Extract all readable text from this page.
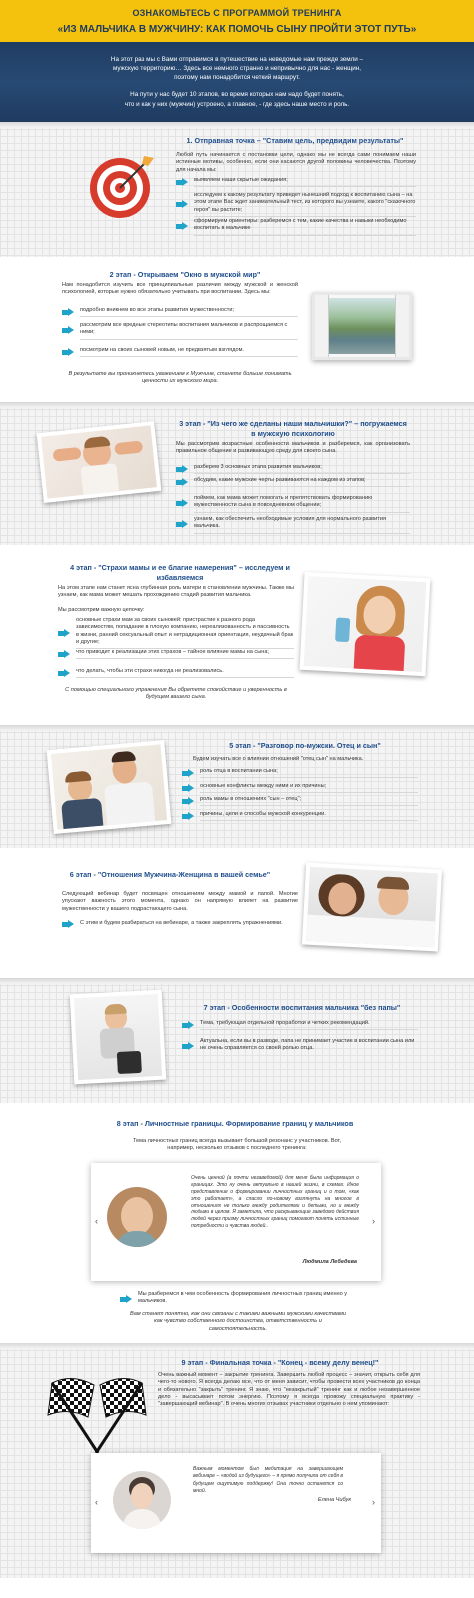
ОЗНАКОМЬТЕСЬ С ПРОГРАММОЙ ТРЕНИНГА
«ИЗ МАЛЬЧИКА В МУЖЧИНУ: КАК ПОМОЧЬ СЫНУ ПРОЙТИ ЭТОТ ПУТЬ»

На этот раз мы с Вами отправимся в путешествие на неведомые нам прежде земли –
мужскую территорию… Здесь все немного странно и непривычно для нас - женщин,
поэтому нам понадобится четкий маршрут.

На пути у нас будет 10 этапов, во время которых нам надо будет понять,
что и как у них (мужчин) устроено, а главное, - где здесь наше место и роль.

1. Отправная точка – "Ставим цель, предвидим результаты"
Любой путь начинается с постановки цели, однако мы не всегда сами понимаем наши истинные мотивы, особенно, если они касаются другой половины человечества. Поэтому для начала мы:
выявляем наши скрытые ожидания;
исследуем к какому результату приведет нынешний подход к воспитанию сына – на этом этапе Вас ждет занимательный тест, из которого вы узнаете, какого "сказочного героя" вы растите;
сформируем ориентиры: разберемся с тем, какие качества и навыки необходимо воспитать в мальчике
2 этап - Открываем "Окно в мужской мир"
Нам понадобится изучить все принципиальные различия между мужской и женской психологией, которые нужно обязательно учитывать при воспитании. Здесь мы:
подробно вникнем во все этапы развития мужественности;
рассмотрим все вредные стереотипы воспитания мальчиков и распрощаемся с ними;
посмотрим на своих сыновей новым, не предвзятым взглядом.
В результате вы проникнетесь уважением к Мужчине, станете больше понимать ценности их мужского мира.
3 этап - "Из чего же сделаны наши мальчишки?" – погружаемся в мужскую психологию
Мы рассмотрим возрастные особенности мальчиков и разберемся, как организовать правильное общение и развивающую среду для своего сына.
разберем 3 основных этапа развития мальчиков;
обсудим, какие мужские черты развиваются на каждом из этапов;
поймем, как мама может помогать и препятствовать формированию мужественности сына в повседневном общении;
узнаем, как обеспечить необходимые условия для нормального развития мальчика.
4 этап - "Страхи мамы и ее благие намерения" – исследуем и избавляемся
На этом этапе нам станет ясна глубинная роль матери в становлении мужчины. Также мы узнаем, как мама может мешать прохождению стадий развития мальчика.
Мы рассмотрим важную цепочку:
основные страхи мам за своих сыновей: пристрастие к разного рода зависимостям, попадание в плохую компанию, нереализованность и пассивность в жизни, ранний сексуальный опыт и нетрадиционная ориентация, неудачный брак и другие;
что приводит к реализации этих страхов – тайное влияние мамы на сына;
что делать, чтобы эти страхи никогда не реализовались.
С помощью специального упражнения Вы обретете спокойствие и уверенность в будущем вашего сына.
5 этап - "Разговор по-мужски. Отец и сын"
Будем изучать все о влиянии отношений "отец сын" на мальчика.
роль отца в воспитании сына;
основные конфликты между ними и их причины;
роль мамы в отношениях "сын – отец";
причины, цели и способы мужской конкуренции.
6 этап - "Отношения Мужчина-Женщина в вашей семье"
Следующий вебинар будет посвящен отношениям между мамой и папой. Многие упускают важность этого момента, однако он напрямую влияет на развитие мужественности у вашего подрастающего сына.
С этим и будем разбираться на вебинаре, а также закреплять упражнениями.
7 этап - Особенности воспитания мальчика "без папы"
Тема, требующая отдельной проработки и четких рекомендаций.
Актуальна, если вы в разводе, папа не принимает участие в воспитании сына или не очень справляется со своей ролью отца.
8 этап - Личностные границы. Формирование границ у мальчиков
Тема личностных границ всегда вызывает большой резонанс у участников. Вот, например, несколько отзывов с последнего тренинга:
‹	›
Очень ценной (а почти незаведомой) для меня была информация о границах. Это ну очень актуально в нашей жизни, в схемах. Иное представление о формировании личностных границ и о том, «как это работает», а спасло по-новому взглянуть на многое в отношениях не только между родителями и детьми, но и между людьми в целом. Я заметила, что раскрывающие заведомо действия людей через призму личностных границ помогают понять истинные потребности и чувства людей..
Людмила Лебедева
Мы разберемся в чем особенность формирования личностных границ именно у мальчиков.
Вам станет понятно, как они связаны с такими важными мужскими качествами как чувство собственного достоинства, ответственность и самостоятельность.
9 этап - Финальная точка - "Конец - всему делу венец!"
Очень важный момент – закрытие тренинга. Завершить любой процесс – значит, открыть себя для чего-то нового. Я всегда делаю все, что от меня зависит, чтобы провести всех участников до конца и обязательно "закрыть" тренинг. Я знаю, что "незакрытый" тренинг как и любое незавершенное дело - высасывает потом энергию. Поэтому я всегда провожу специальную практику - "завершающий вебинар". В очень многих отзывах участники отдельно о нем упоминают:
‹	›
Важным моментом был медитация на завершающем вебинаре – «водой из будущего» – я прямо получила от себя в будущем ощутимую поддержку! Она точно останется со мной.
Елена Чибук
